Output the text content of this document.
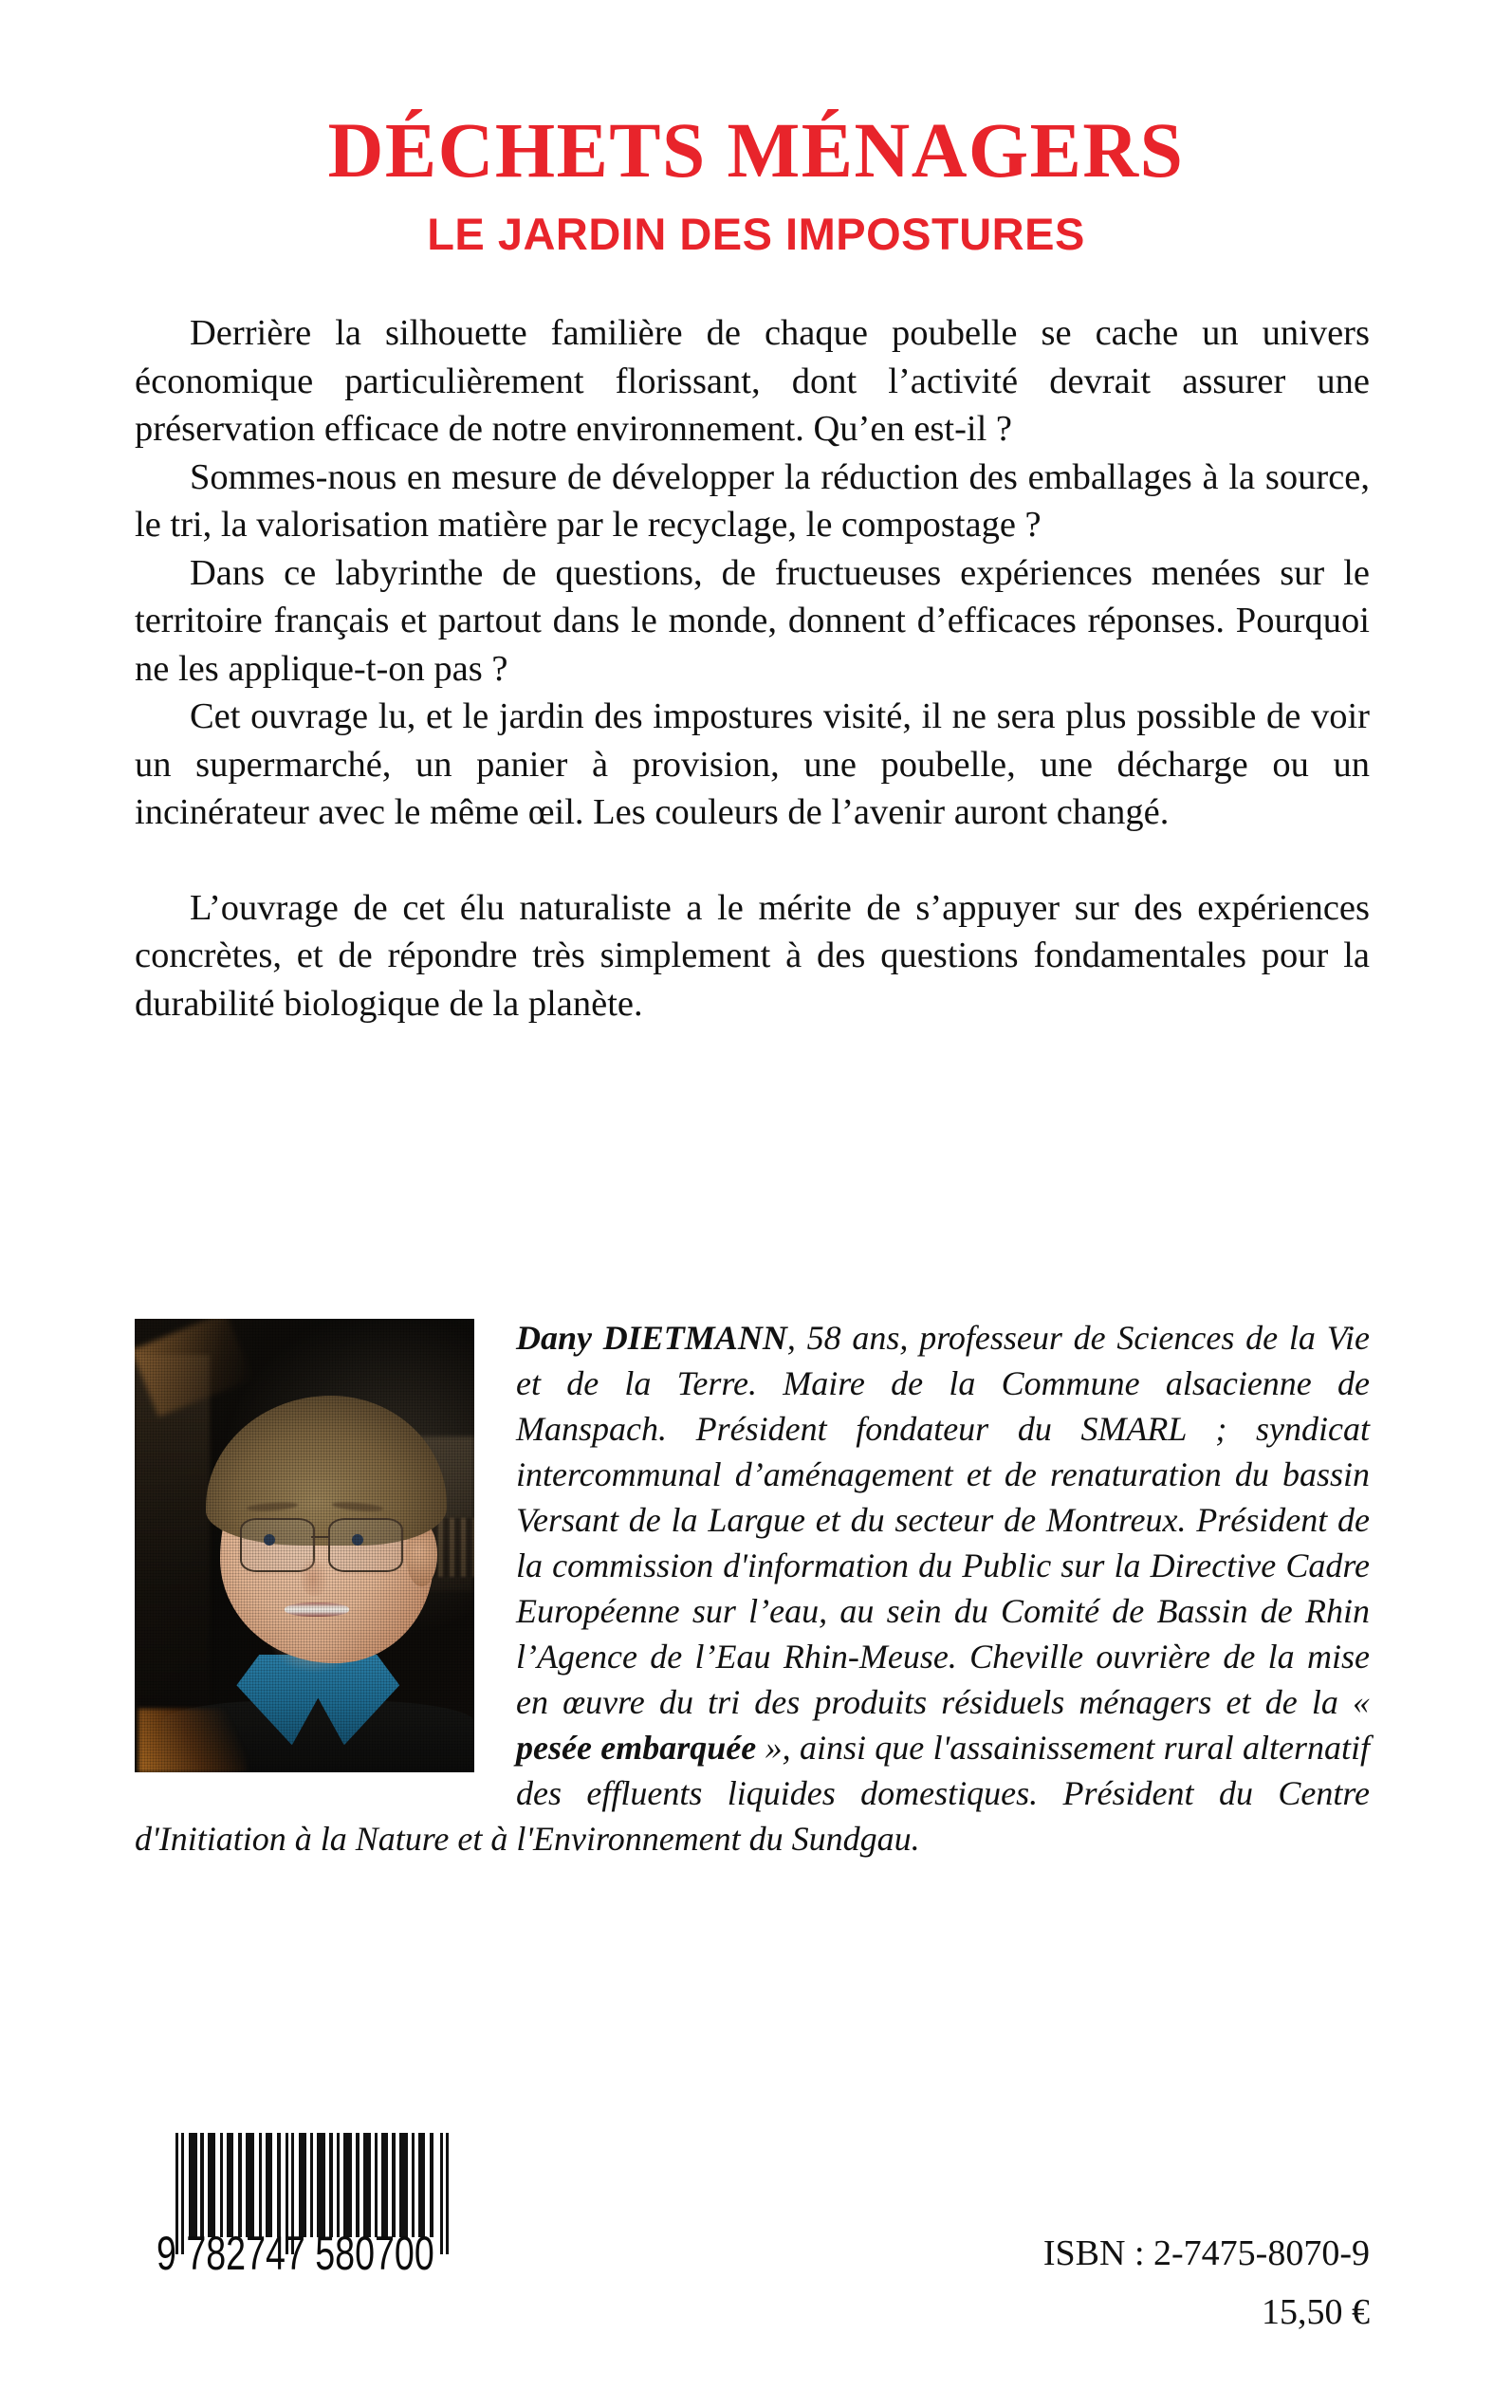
DÉCHETS MÉNAGERS
LE JARDIN DES IMPOSTURES

Derrière la silhouette familière de chaque poubelle se cache un univers économique particulièrement florissant, dont l’activité devrait assurer une préservation efficace de notre environnement. Qu’en est-il ?

Sommes-nous en mesure de développer la réduction des emballages à la source, le tri, la valorisation matière par le recyclage, le compostage ?

Dans ce labyrinthe de questions, de fructueuses expériences menées sur le territoire français et partout dans le monde, donnent d’efficaces réponses. Pourquoi ne les applique-t-on pas ?

Cet ouvrage lu, et le jardin des impostures visité, il ne sera plus possible de voir un supermarché, un panier à provision, une poubelle, une décharge ou un incinérateur avec le même œil. Les couleurs de l’avenir auront changé.

L’ouvrage de cet élu naturaliste a le mérite de s’appuyer sur des expériences concrètes, et de répondre très simplement à des questions fondamentales pour la durabilité biologique de la planète.

Dany DIETMANN, 58 ans, professeur de Sciences de la Vie et de la Terre. Maire de la Commune alsacienne de Manspach. Président fondateur du SMARL ; syndicat intercommunal d’aménagement et de renaturation du bassin Versant de la Largue et du secteur de Montreux. Président de la commission d'information du Public sur la Directive Cadre Européenne sur l’eau, au sein du Comité de Bassin de Rhin l’Agence de l’Eau Rhin-Meuse. Cheville ouvrière de la mise en œuvre du tri des produits résiduels ménagers et de la « pesée embarquée », ainsi que l'assainissement rural alternatif des effluents liquides domestiques. Président du Centre d'Initiation à la Nature et à l'Environnement du Sundgau.
9 782747 580700	ISBN : 2-7475-8070-9
15,50 €
